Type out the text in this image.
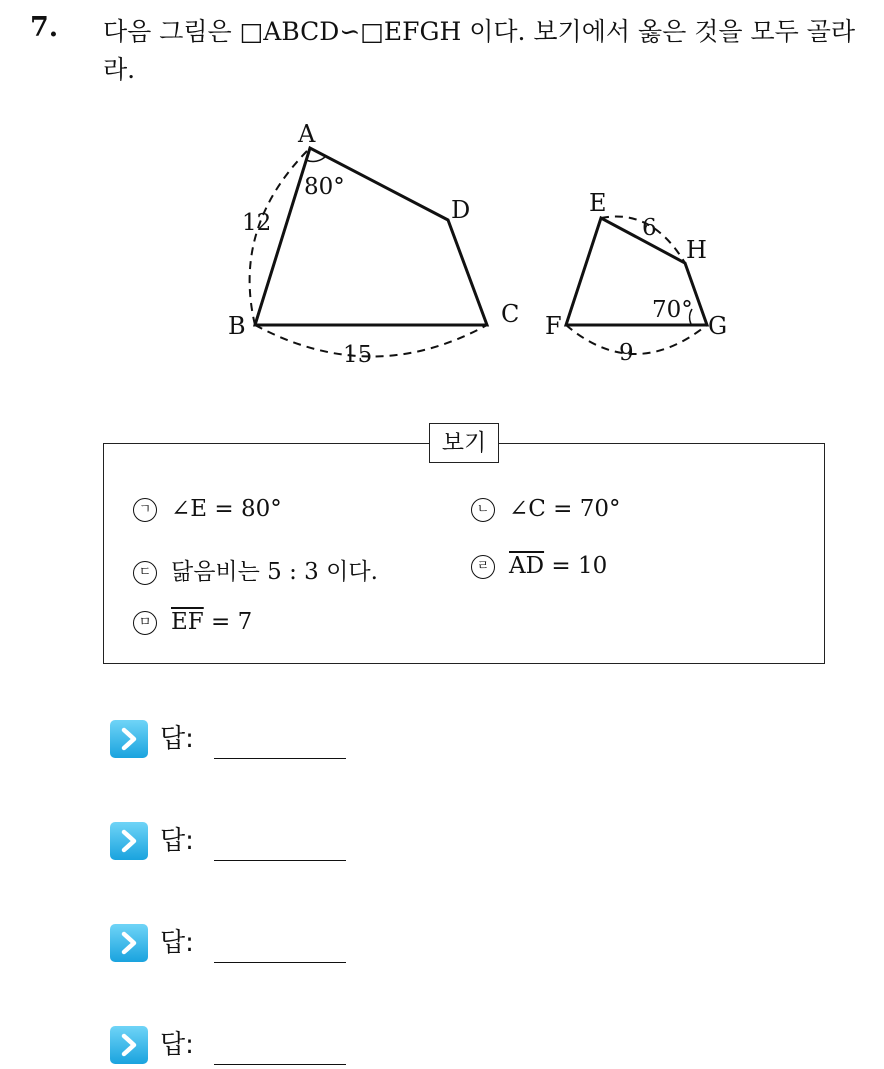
7. 다음 그림은 □ABCD∽□EFGH 이다. 보기에서 옳은 것을 모두 골라라.
A
B	C
D
80°
12
15
E
F	G
H
70°
6
9
보기
ㄱ ∠E = 80°	ㄴ ∠C = 70°
ㄷ 닮음비는 5 : 3 이다.	ㄹ $\overline{AD} = 10$
ㅁ $\overline{EF} = 7$
답:
답:
답:
답:
